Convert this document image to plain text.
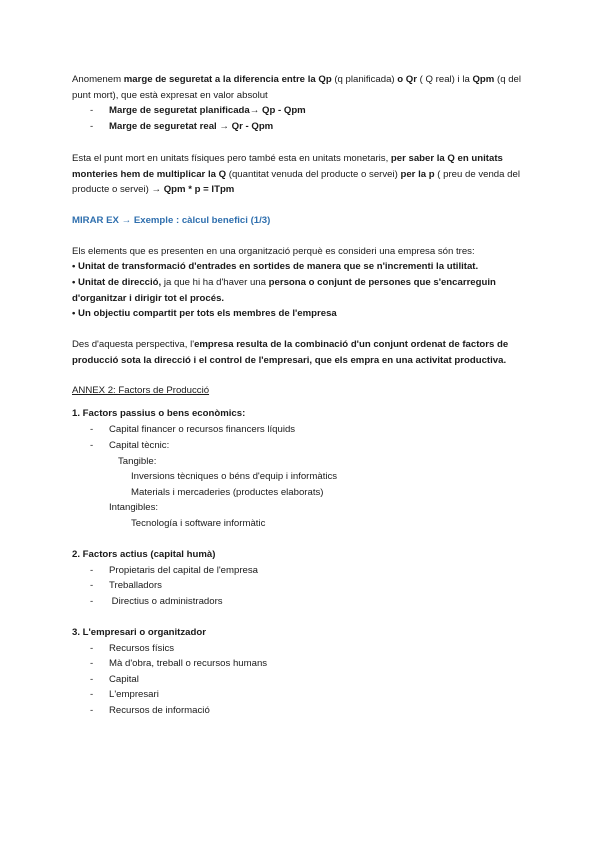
Anomenem marge de seguretat a la diferencia entre la Qp (q planificada) o Qr ( Q real) i la Qpm (q del punt mort), que està expresat en valor absolut

- Marge de seguretat planificada→ Qp - Qpm
- Marge de seguretat real → Qr - Qpm

Esta el punt mort en unitats físiques pero també esta en unitats monetaris, per saber la Q en unitats monteries hem de multiplicar la Q (quantitat venuda del producte o servei) per la p ( preu de venda del producte o servei) → Qpm * p = ITpm

MIRAR EX → Exemple : càlcul benefici (1/3)

Els elements que es presenten en una organització perquè es consideri una empresa són tres:

• Unitat de transformació d'entrades en sortides de manera que se n'incrementi la utilitat.

• Unitat de direcció, ja que hi ha d'haver una persona o conjunt de persones que s'encarreguin d'organitzar i dirigir tot el procés.

• Un objectiu compartit per tots els membres de l'empresa

Des d'aquesta perspectiva, l'empresa resulta de la combinació d'un conjunt ordenat de factors de producció sota la direcció i el control de l'empresari, que els empra en una activitat productiva.

ANNEX 2: Factors de Producció

1. Factors passius o bens econòmics:

- Capital financer o recursos financers líquids
- Capital tècnic:
Tangible:
Inversions tècniques o béns d'equip i informàtics
Materials i mercaderies (productes elaborats)
Intangibles:
Tecnología i software informàtic

2. Factors actius (capital humà)

- Propietaris del capital de l'empresa
- Treballadors
- Directius o administradors

3. L'empresari o organitzador

- Recursos físics
- Mà d'obra, treball o recursos humans
- Capital
- L'empresari
- Recursos de informació
